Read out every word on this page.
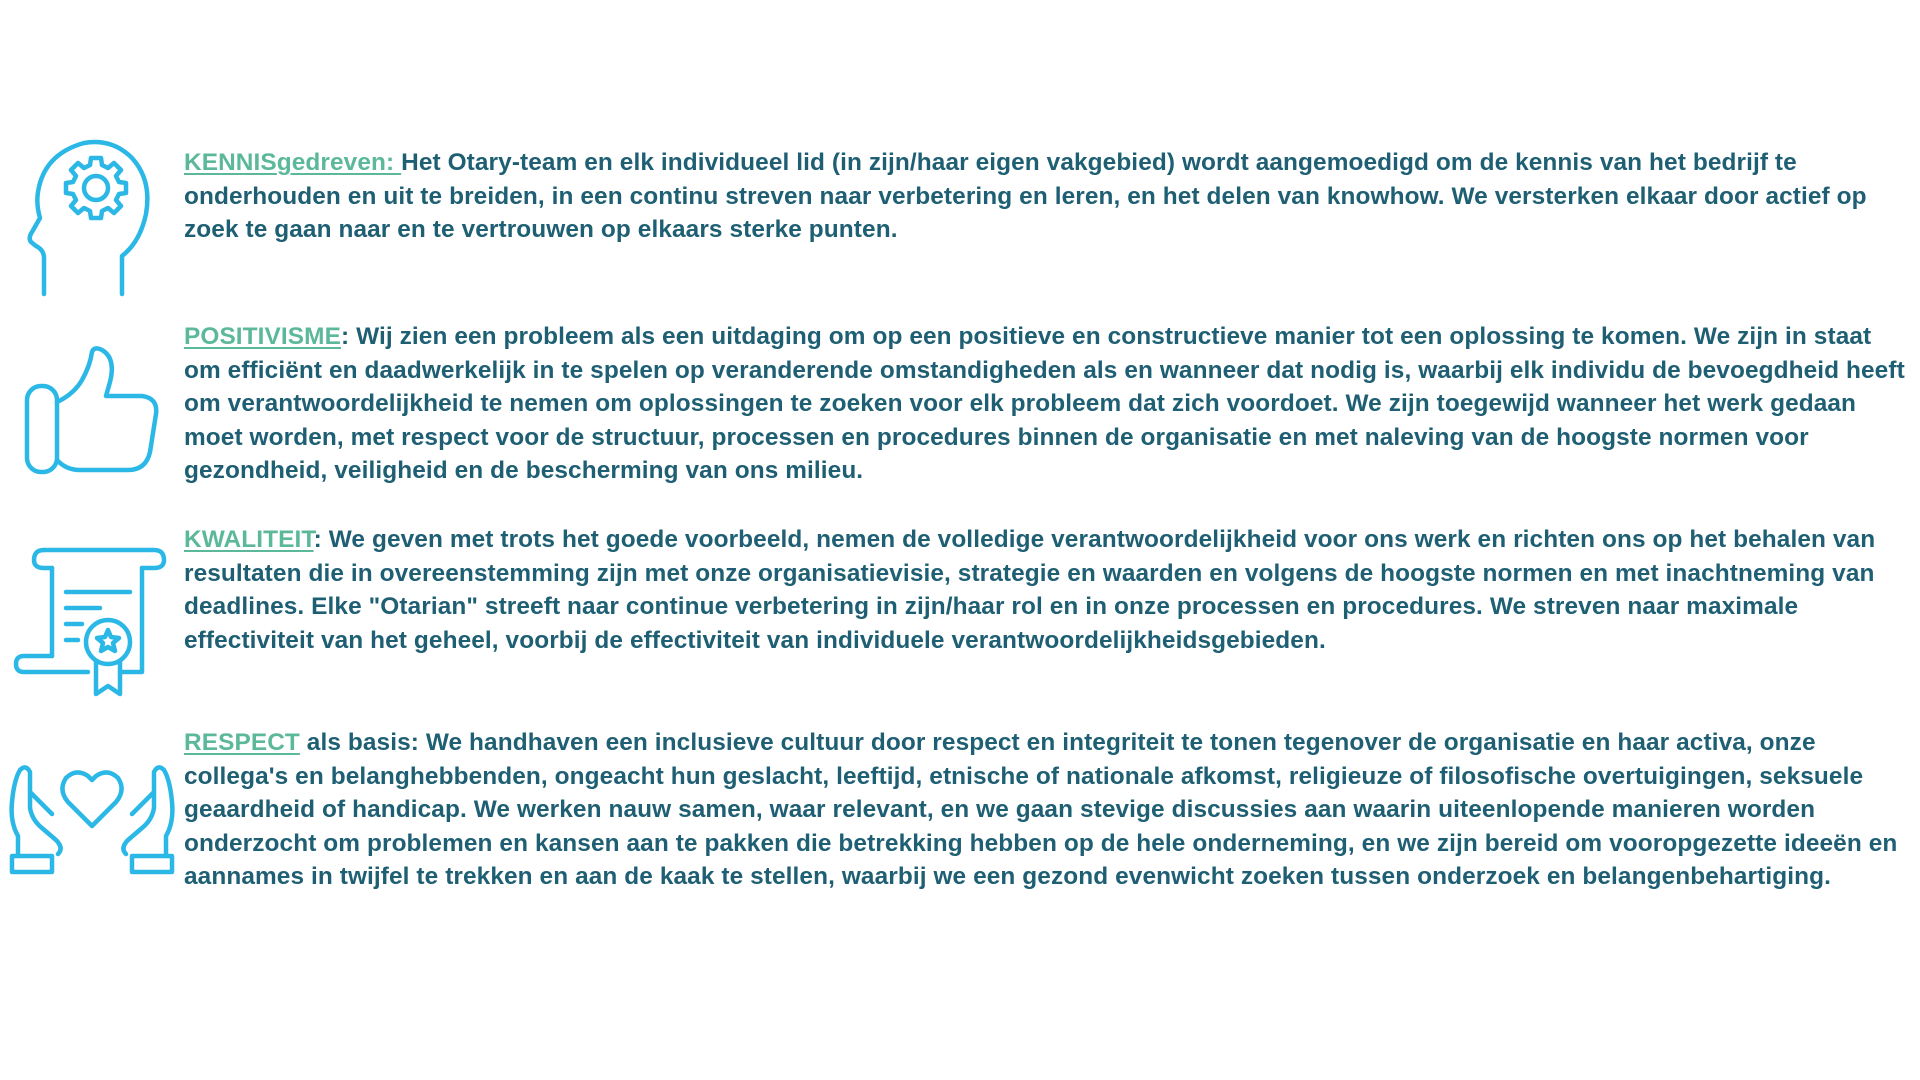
KENNISgedreven: Het Otary-team en elk individueel lid (in zijn/haar eigen vakgebied) wordt aangemoedigd om de kennis van het bedrijf te onderhouden en uit te breiden, in een continu streven naar verbetering en leren, en het delen van knowhow. We versterken elkaar door actief op zoek te gaan naar en te vertrouwen op elkaars sterke punten.
POSITIVISME: Wij zien een probleem als een uitdaging om op een positieve en constructieve manier tot een oplossing te komen. We zijn in staat om efficiënt en daadwerkelijk in te spelen op veranderende omstandigheden als en wanneer dat nodig is, waarbij elk individu de bevoegdheid heeft om verantwoordelijkheid te nemen om oplossingen te zoeken voor elk probleem dat zich voordoet. We zijn toegewijd wanneer het werk gedaan moet worden, met respect voor de structuur, processen en procedures binnen de organisatie en met naleving van de hoogste normen voor gezondheid, veiligheid en de bescherming van ons milieu.
KWALITEIT: We geven met trots het goede voorbeeld, nemen de volledige verantwoordelijkheid voor ons werk en richten ons op het behalen van resultaten die in overeenstemming zijn met onze organisatievisie, strategie en waarden en volgens de hoogste normen en met inachtneming van deadlines. Elke "Otarian" streeft naar continue verbetering in zijn/haar rol en in onze processen en procedures. We streven naar maximale effectiviteit van het geheel, voorbij de effectiviteit van individuele verantwoordelijkheidsgebieden.
RESPECT als basis: We handhaven een inclusieve cultuur door respect en integriteit te tonen tegenover de organisatie en haar activa, onze collega's en belanghebbenden, ongeacht hun geslacht, leeftijd, etnische of nationale afkomst, religieuze of filosofische overtuigingen, seksuele geaardheid of handicap. We werken nauw samen, waar relevant, en we gaan stevige discussies aan waarin uiteenlopende manieren worden onderzocht om problemen en kansen aan te pakken die betrekking hebben op de hele onderneming, en we zijn bereid om vooropgezette ideeën en aannames in twijfel te trekken en aan de kaak te stellen, waarbij we een gezond evenwicht zoeken tussen onderzoek en belangenbehartiging.
